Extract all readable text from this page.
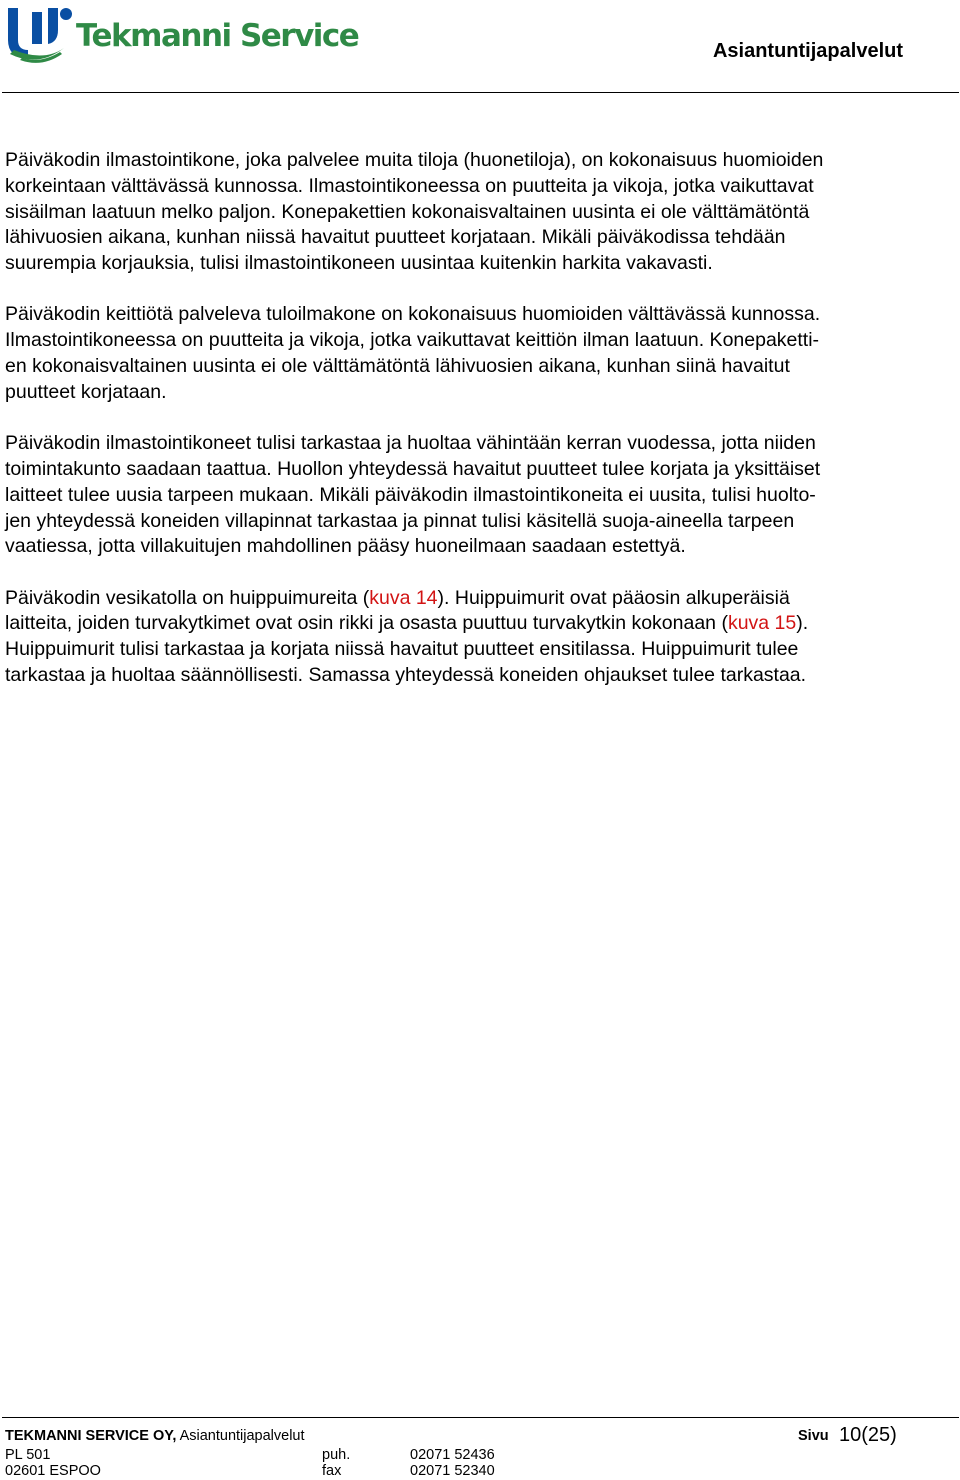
Tekmanni Service	Asiantuntijapalvelut

Päiväkodin ilmastointikone, joka palvelee muita tiloja (huonetiloja), on kokonaisuus huomioiden
korkeintaan välttävässä kunnossa. Ilmastointikoneessa on puutteita ja vikoja, jotka vaikuttavat
sisäilman laatuun melko paljon. Konepakettien kokonaisvaltainen uusinta ei ole välttämätöntä
lähivuosien aikana, kunhan niissä havaitut puutteet korjataan. Mikäli päiväkodissa tehdään
suurempia korjauksia, tulisi ilmastointikoneen uusintaa kuitenkin harkita vakavasti.

Päiväkodin keittiötä palveleva tuloilmakone on kokonaisuus huomioiden välttävässä kunnossa.
Ilmastointikoneessa on puutteita ja vikoja, jotka vaikuttavat keittiön ilman laatuun. Konepaketti-
en kokonaisvaltainen uusinta ei ole välttämätöntä lähivuosien aikana, kunhan siinä havaitut
puutteet korjataan.

Päiväkodin ilmastointikoneet tulisi tarkastaa ja huoltaa vähintään kerran vuodessa, jotta niiden
toimintakunto saadaan taattua. Huollon yhteydessä havaitut puutteet tulee korjata ja yksittäiset
laitteet tulee uusia tarpeen mukaan. Mikäli päiväkodin ilmastointikoneita ei uusita, tulisi huolto-
jen yhteydessä koneiden villapinnat tarkastaa ja pinnat tulisi käsitellä suoja-aineella tarpeen
vaatiessa, jotta villakuitujen mahdollinen pääsy huoneilmaan saadaan estettyä.

Päiväkodin vesikatolla on huippuimureita (kuva 14). Huippuimurit ovat pääosin alkuperäisiä
laitteita, joiden turvakytkimet ovat osin rikki ja osasta puuttuu turvakytkin kokonaan (kuva 15).
Huippuimurit tulisi tarkastaa ja korjata niissä havaitut puutteet ensitilassa. Huippuimurit tulee
tarkastaa ja huoltaa säännöllisesti. Samassa yhteydessä koneiden ohjaukset tulee tarkastaa.

TEKMANNI SERVICE OY, Asiantuntijapalvelut
PL 501
02601 ESPOO
puh.
fax
02071 52436
02071 52340
Sivu 10(25)
